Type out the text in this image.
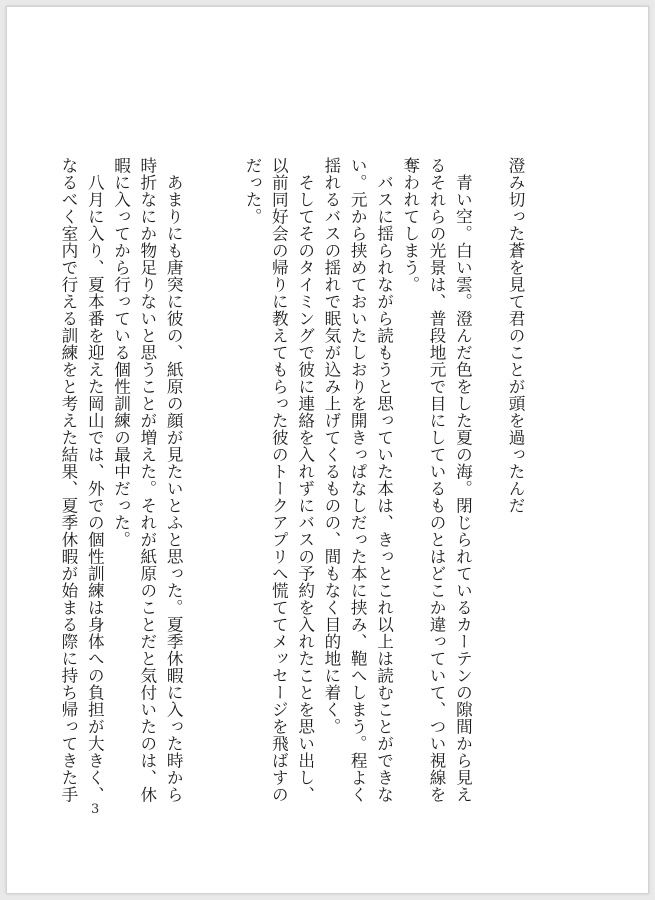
澄み切った蒼を見て君のことが頭を過ったんだ

　青い空。白い雲。澄んだ色をした夏の海。閉じられているカーテンの隙間から見え

るそれらの光景は、普段地元で目にしているものとはどこか違っていて、つい視線を

奪われてしまう。

　バスに揺られながら読もうと思っていた本は、きっとこれ以上は読むことができな

い。元から挟めておいたしおりを開きっぱなしだった本に挟み、鞄へしまう。程よく

揺れるバスの揺れで眠気が込み上げてくるものの、間もなく目的地に着く。

　そしてそのタイミングで彼に連絡を入れずにバスの予約を入れたことを思い出し、

以前同好会の帰りに教えてもらった彼のトークアプリへ慌ててメッセージを飛ばすの

だった。

　あまりにも唐突に彼の、紙原の顔が見たいとふと思った。夏季休暇に入った時から

時折なにか物足りないと思うことが増えた。それが紙原のことだと気付いたのは、休

暇に入ってから行っている個性訓練の最中だった。

　八月に入り、夏本番を迎えた岡山では、外での個性訓練は身体への負担が大きく、

なるべく室内で行える訓練をと考えた結果、夏季休暇が始まる際に持ち帰ってきた手

3
